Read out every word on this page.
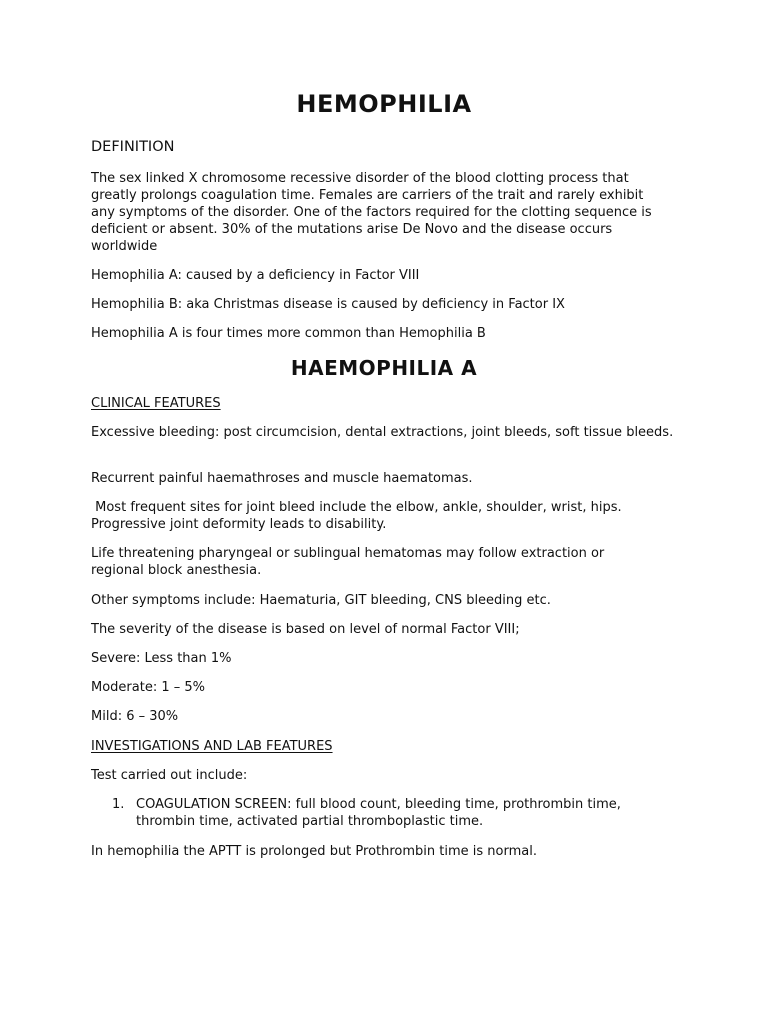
HEMOPHILIA

DEFINITION

The sex linked X chromosome recessive disorder of the blood clotting process that greatly prolongs coagulation time. Females are carriers of the trait and rarely exhibit any symptoms of the disorder. One of the factors required for the clotting sequence is deficient or absent. 30% of the mutations arise De Novo and the disease occurs worldwide

Hemophilia A: caused by a deficiency in Factor VIII

Hemophilia B: aka Christmas disease is caused by deficiency in Factor IX

Hemophilia A is four times more common than Hemophilia B

HAEMOPHILIA A

CLINICAL FEATURES

Excessive bleeding: post circumcision, dental extractions, joint bleeds, soft tissue bleeds.

Recurrent painful haemathroses and muscle haematomas.

Most frequent sites for joint bleed include the elbow, ankle, shoulder, wrist, hips. Progressive joint deformity leads to disability.

Life threatening pharyngeal or sublingual hematomas may follow extraction or regional block anesthesia.

Other symptoms include: Haematuria, GIT bleeding, CNS bleeding etc.

The severity of the disease is based on level of normal Factor VIII;

Severe: Less than 1%

Moderate: 1 – 5%

Mild: 6 – 30%

INVESTIGATIONS AND LAB FEATURES

Test carried out include:

1. COAGULATION SCREEN: full blood count, bleeding time, prothrombin time, thrombin time, activated partial thromboplastic time.

In hemophilia the APTT is prolonged but Prothrombin time is normal.
